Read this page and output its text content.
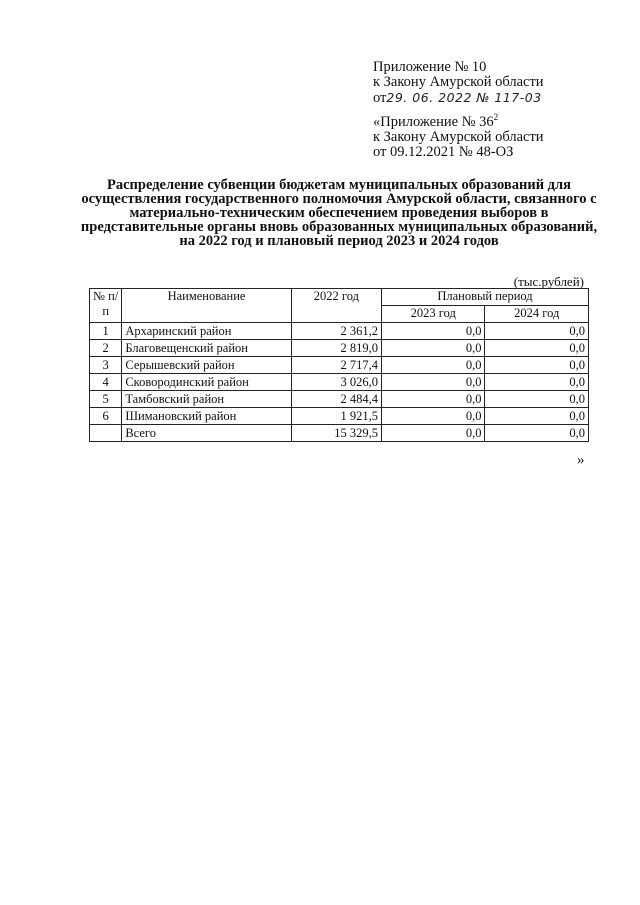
Приложение № 10
к Закону Амурской области
от29. 06. 2022 № 117-03
«Приложение № $36^2$
к Закону Амурской области
от 09.12.2021 № 48-ОЗ
Распределение субвенции бюджетам муниципальных образований для осуществления государственного полномочия Амурской области, связанного с материально-техническим обеспечением проведения выборов в представительные органы вновь образованных муниципальных образований, на 2022 год и плановый период 2023 и 2024 годов
(тыс.рублей)
№ п/п	Наименование	2022 год	Плановый период	
			2023 год	2024 год
1	Архаринский район	2 361,2	0,0	0,0
2	Благовещенский район	2 819,0	0,0	0,0
3	Серышевский район	2 717,4	0,0	0,0
4	Сковородинский район	3 026,0	0,0	0,0
5	Тамбовский район	2 484,4	0,0	0,0
6	Шимановский район	1 921,5	0,0	0,0
	Всего	15 329,5	0,0	0,0
»
